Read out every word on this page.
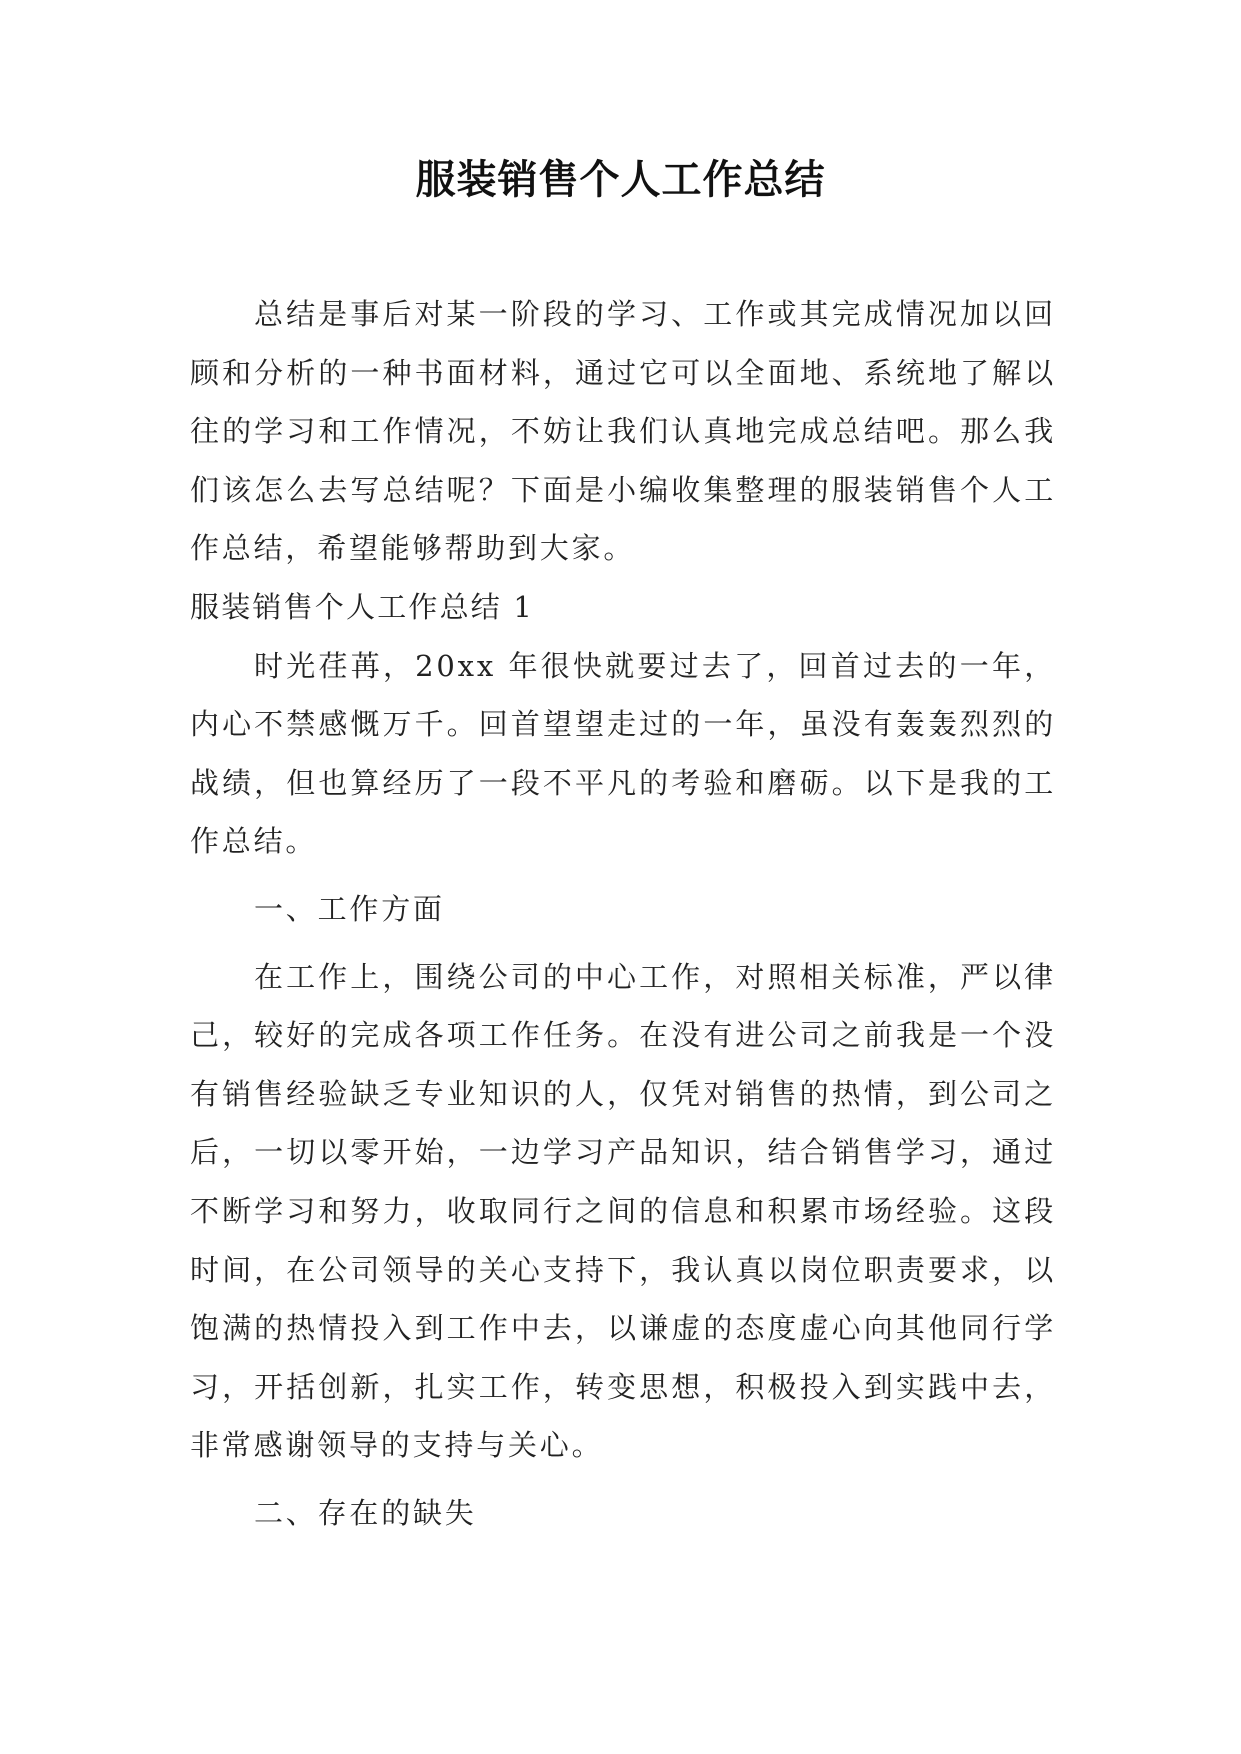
服装销售个人工作总结

总结是事后对某一阶段的学习、工作或其完成情况加以回顾和分析的一种书面材料，通过它可以全面地、系统地了解以往的学习和工作情况，不妨让我们认真地完成总结吧。那么我们该怎么去写总结呢？下面是小编收集整理的服装销售个人工作总结，希望能够帮助到大家。

服装销售个人工作总结 1

时光荏苒，20xx 年很快就要过去了，回首过去的一年，内心不禁感慨万千。回首望望走过的一年，虽没有轰轰烈烈的战绩，但也算经历了一段不平凡的考验和磨砺。以下是我的工作总结。

一、工作方面

在工作上，围绕公司的中心工作，对照相关标准，严以律己，较好的完成各项工作任务。在没有进公司之前我是一个没有销售经验缺乏专业知识的人，仅凭对销售的热情，到公司之后，一切以零开始，一边学习产品知识，结合销售学习，通过不断学习和努力，收取同行之间的信息和积累市场经验。这段时间，在公司领导的关心支持下，我认真以岗位职责要求，以饱满的热情投入到工作中去，以谦虚的态度虚心向其他同行学习，开括创新，扎实工作，转变思想，积极投入到实践中去，非常感谢领导的支持与关心。

二、存在的缺失
